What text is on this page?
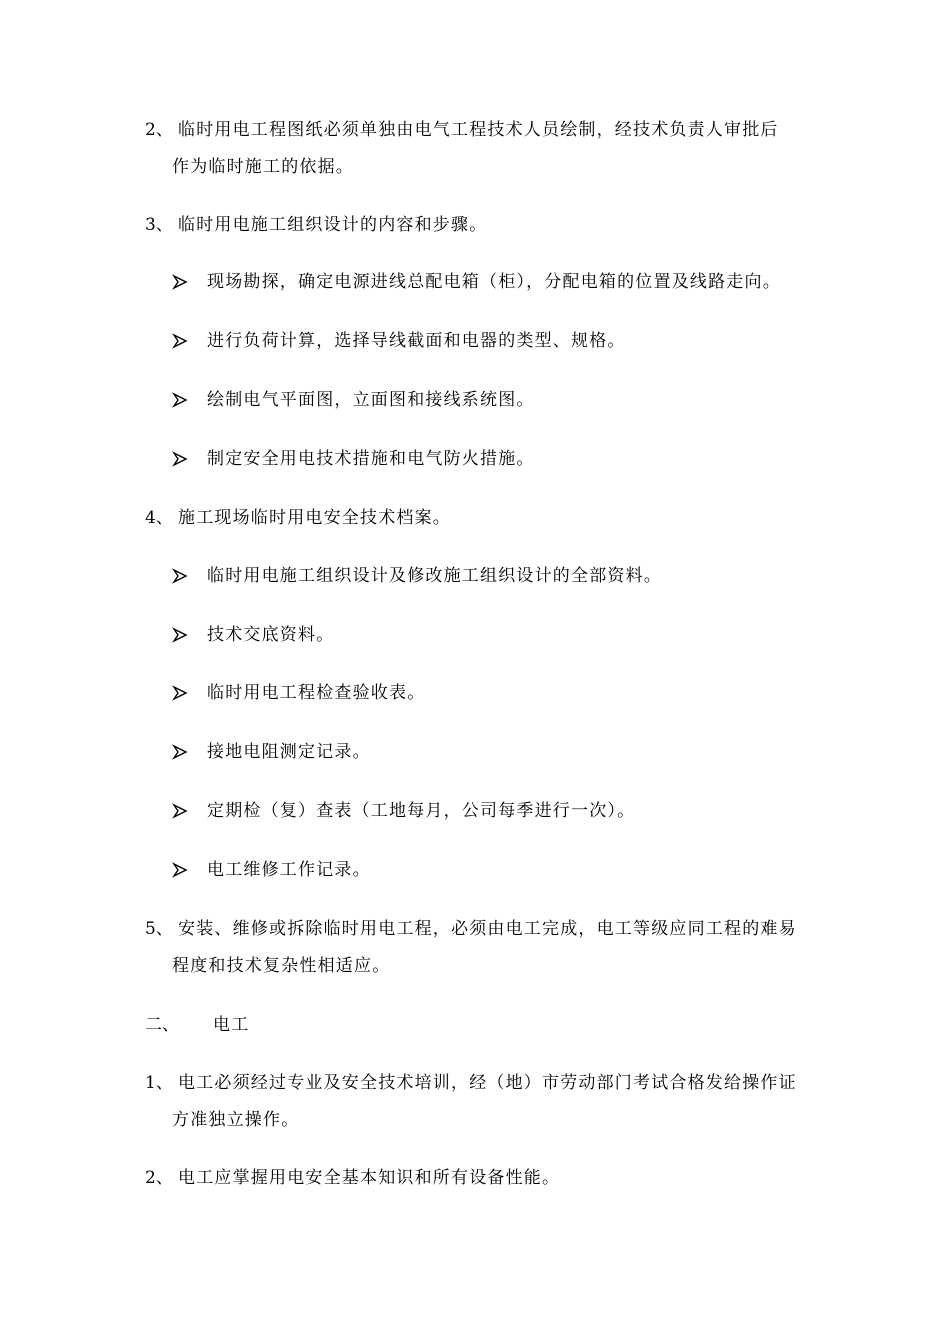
2、 临时用电工程图纸必须单独由电气工程技术人员绘制，经技术负责人审批后
作为临时施工的依据。
3、 临时用电施工组织设计的内容和步骤。
现场勘探，确定电源进线总配电箱（柜），分配电箱的位置及线路走向。
进行负荷计算，选择导线截面和电器的类型、规格。
绘制电气平面图，立面图和接线系统图。
制定安全用电技术措施和电气防火措施。
4、 施工现场临时用电安全技术档案。
临时用电施工组织设计及修改施工组织设计的全部资料。
技术交底资料。
临时用电工程检查验收表。
接地电阻测定记录。
定期检（复）查表（工地每月，公司每季进行一次）。
电工维修工作记录。
5、 安装、维修或拆除临时用电工程，必须由电工完成，电工等级应同工程的难易
程度和技术复杂性相适应。
二、 电工
1、 电工必须经过专业及安全技术培训，经（地）市劳动部门考试合格发给操作证
方准独立操作。
2、 电工应掌握用电安全基本知识和所有设备性能。
